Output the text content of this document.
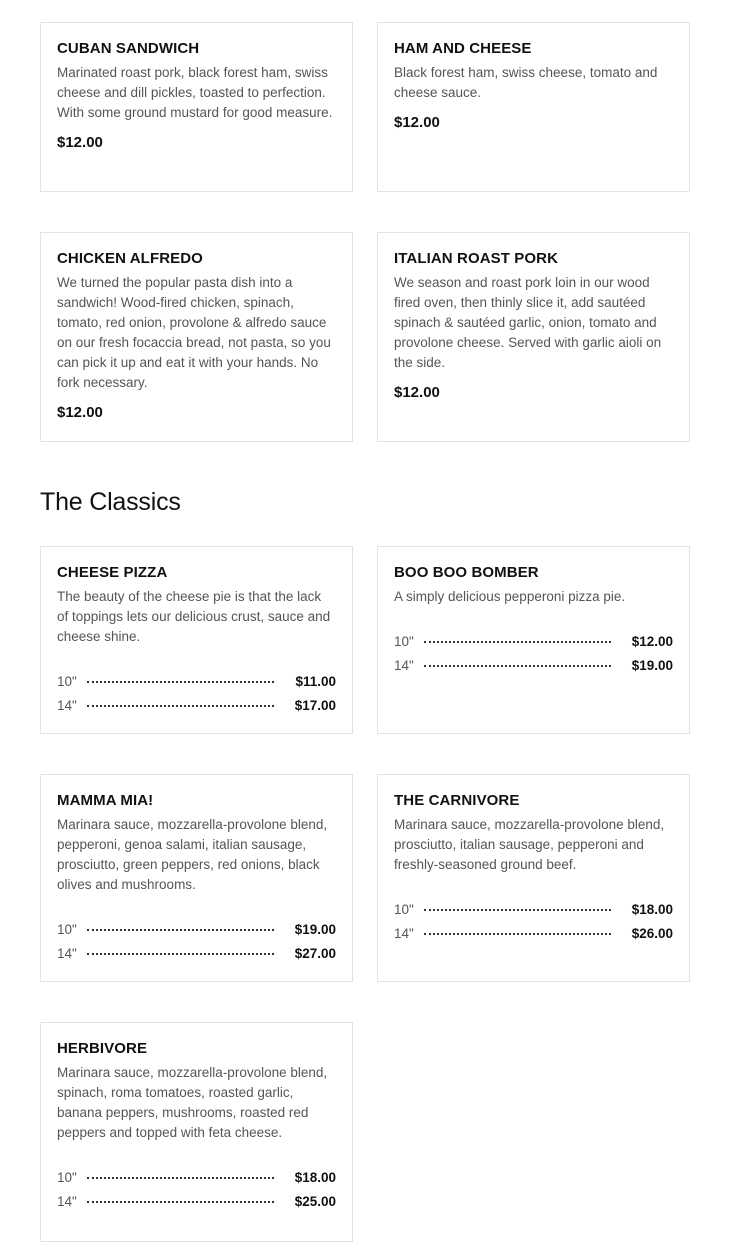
CUBAN SANDWICH

Marinated roast pork, black forest ham, swiss cheese and dill pickles, toasted to perfection. With some ground mustard for good measure.

$12.00
HAM AND CHEESE

Black forest ham, swiss cheese, tomato and cheese sauce.

$12.00
CHICKEN ALFREDO

We turned the popular pasta dish into a sandwich! Wood-fired chicken, spinach, tomato, red onion, provolone & alfredo sauce on our fresh focaccia bread, not pasta, so you can pick it up and eat it with your hands. No fork necessary.

$12.00
ITALIAN ROAST PORK

We season and roast pork loin in our wood fired oven, then thinly slice it, add sautéed spinach & sautéed garlic, onion, tomato and provolone cheese. Served with garlic aioli on the side.

$12.00
The Classics
CHEESE PIZZA

The beauty of the cheese pie is that the lack of toppings lets our delicious crust, sauce and cheese shine.

10"	$11.00
14"	$17.00
BOO BOO BOMBER

A simply delicious pepperoni pizza pie.

10"	$12.00
14"	$19.00
MAMMA MIA!

Marinara sauce, mozzarella-provolone blend, pepperoni, genoa salami, italian sausage, prosciutto, green peppers, red onions, black olives and mushrooms.

10"	$19.00
14"	$27.00
THE CARNIVORE

Marinara sauce, mozzarella-provolone blend, prosciutto, italian sausage, pepperoni and freshly-seasoned ground beef.

10"	$18.00
14"	$26.00
HERBIVORE

Marinara sauce, mozzarella-provolone blend, spinach, roma tomatoes, roasted garlic, banana peppers, mushrooms, roasted red peppers and topped with feta cheese.

10"	$18.00
14"	$25.00
